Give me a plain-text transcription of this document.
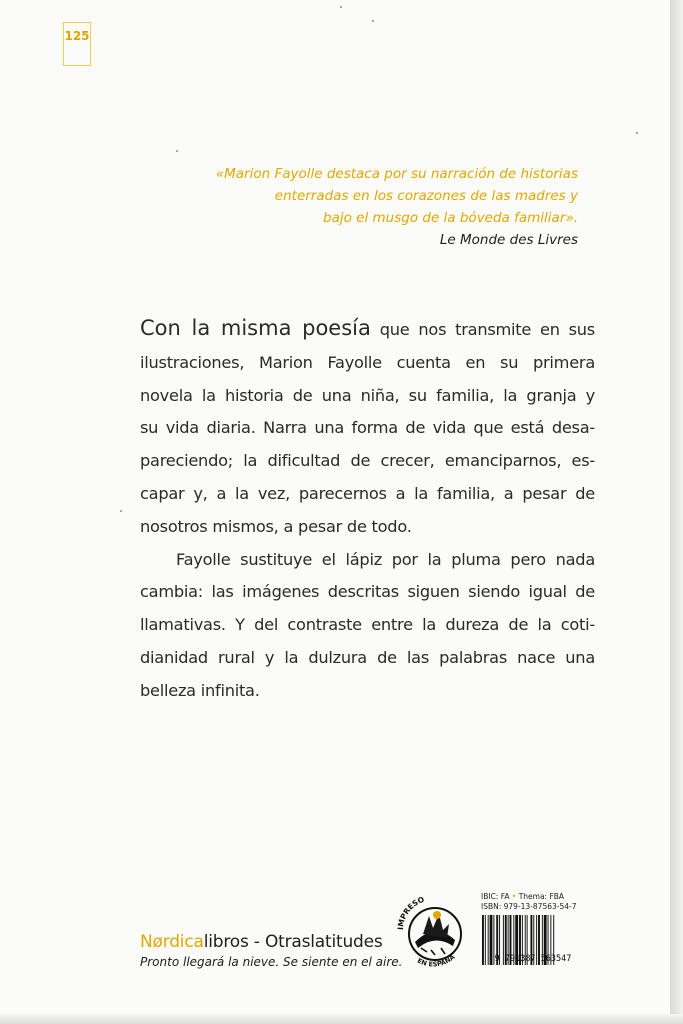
125
«Marion Fayolle destaca por su narración de historias
enterradas en los corazones de las madres y
bajo el musgo de la bóveda familiar».
Le Monde des Livres
Con la misma poesía que nos transmite en sus
ilustraciones, Marion Fayolle cuenta en su primera
novela la historia de una niña, su familia, la granja y
su vida diaria. Narra una forma de vida que está desa-
pareciendo; la dificultad de crecer, emanciparnos, es-
capar y, a la vez, parecernos a la familia, a pesar de
nosotros mismos, a pesar de todo.
Fayolle sustituye el lápiz por la pluma pero nada
cambia: las imágenes descritas siguen siendo igual de
llamativas. Y del contraste entre la dureza de la coti-
dianidad rural y la dulzura de las palabras nace una
belleza infinita.
Nørdicalibros - Otraslatitudes
Pronto llegará la nieve. Se siente en el aire.
IMPRESO
EN ESPAÑA
IBIC: FA • Thema: FBA
ISBN: 979-13-87563-54-7
9 791387 563547
